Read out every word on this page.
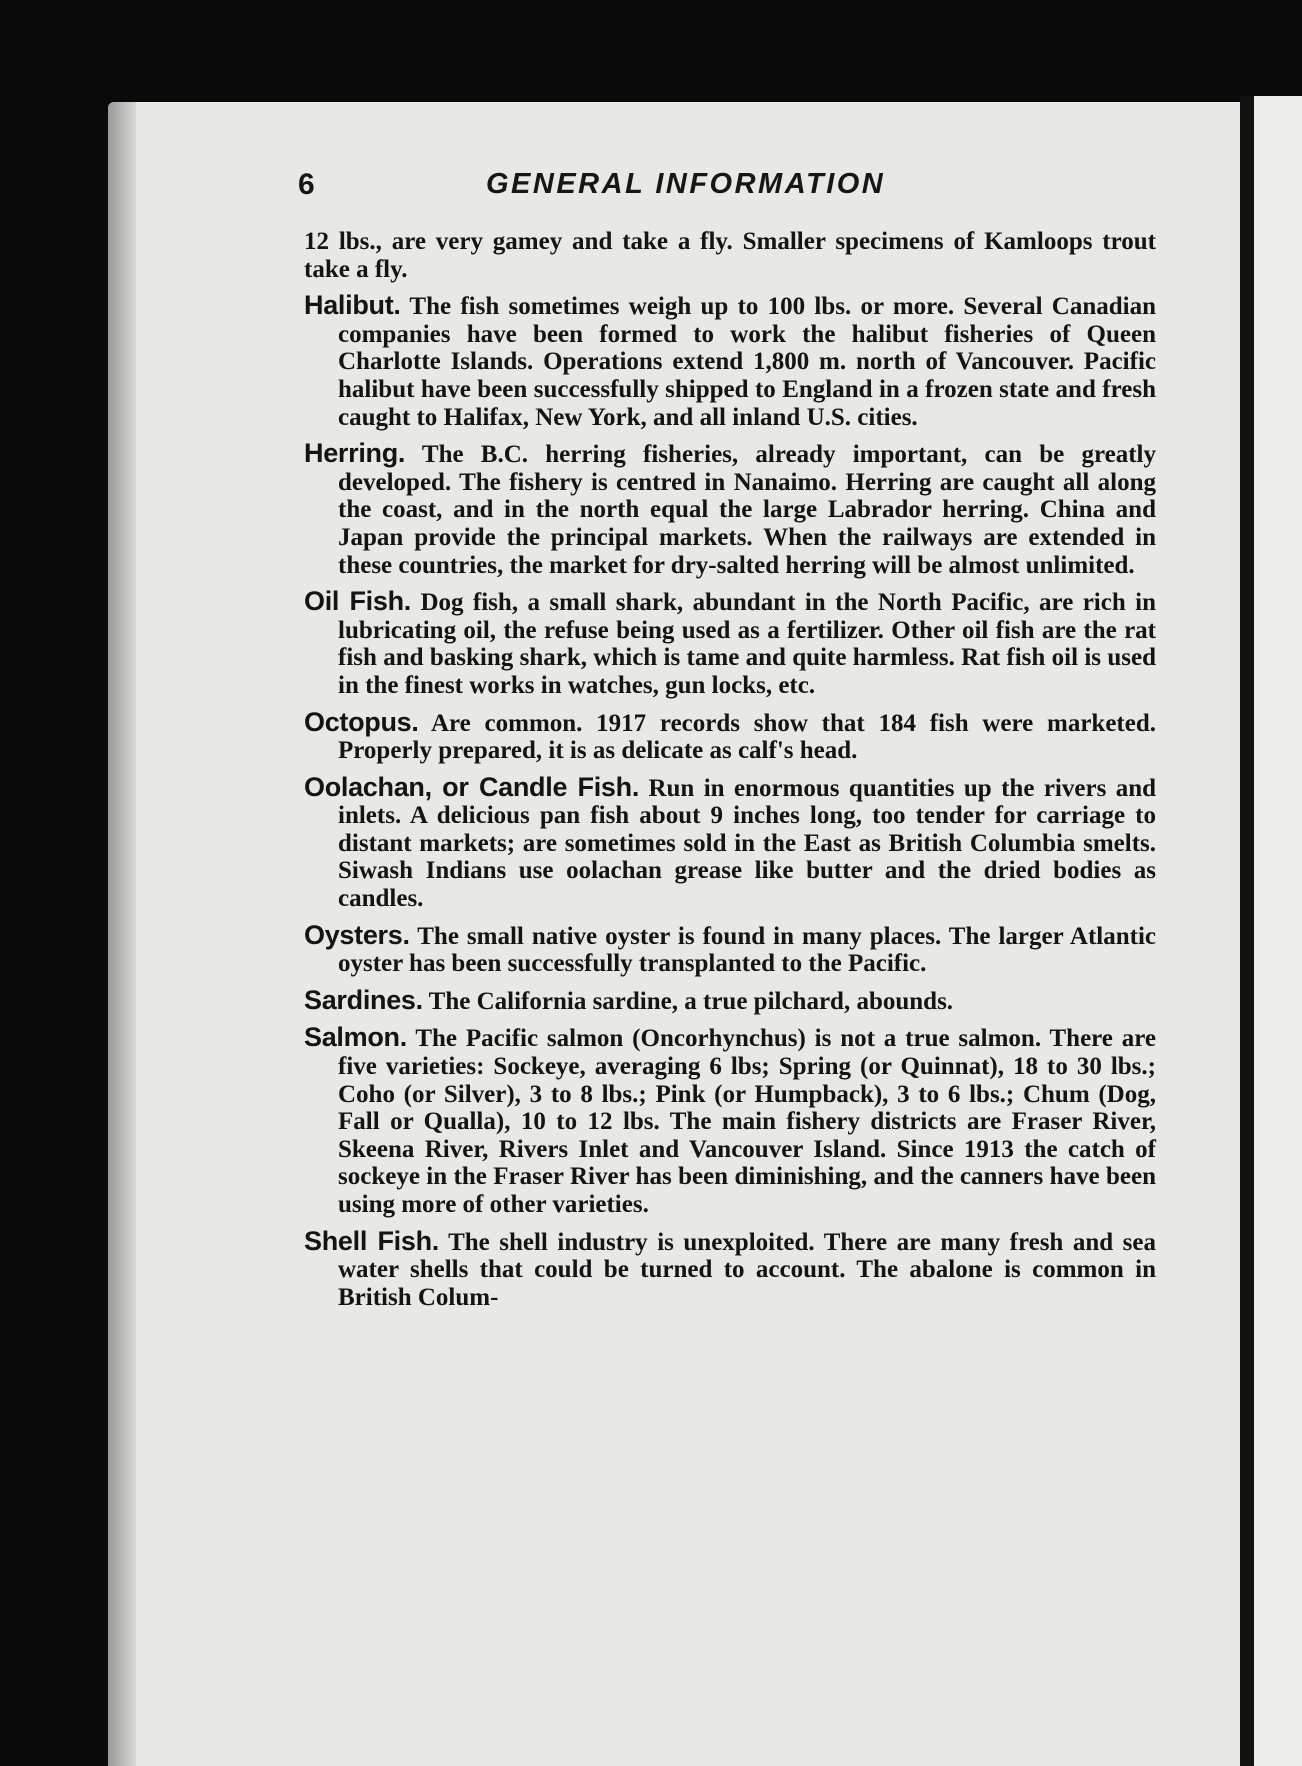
6	GENERAL INFORMATION

12 lbs., are very gamey and take a fly. Smaller specimens of Kamloops trout take a fly.

Halibut. The fish sometimes weigh up to 100 lbs. or more. Several Canadian companies have been formed to work the halibut fisheries of Queen Charlotte Islands. Operations extend 1,800 m. north of Vancouver. Pacific halibut have been successfully shipped to England in a frozen state and fresh caught to Halifax, New York, and all inland U.S. cities.

Herring. The B.C. herring fisheries, already important, can be greatly developed. The fishery is centred in Nanaimo. Herring are caught all along the coast, and in the north equal the large Labrador herring. China and Japan provide the principal markets. When the railways are extended in these countries, the market for dry-salted herring will be almost unlimited.

Oil Fish. Dog fish, a small shark, abundant in the North Pacific, are rich in lubricating oil, the refuse being used as a fertilizer. Other oil fish are the rat fish and basking shark, which is tame and quite harmless. Rat fish oil is used in the finest works in watches, gun locks, etc.

Octopus. Are common. 1917 records show that 184 fish were marketed. Properly prepared, it is as delicate as calf's head.

Oolachan, or Candle Fish. Run in enormous quantities up the rivers and inlets. A delicious pan fish about 9 inches long, too tender for carriage to distant markets; are sometimes sold in the East as British Columbia smelts. Siwash Indians use oolachan grease like butter and the dried bodies as candles.

Oysters. The small native oyster is found in many places. The larger Atlantic oyster has been successfully transplanted to the Pacific.

Sardines. The California sardine, a true pilchard, abounds.

Salmon. The Pacific salmon (Oncorhynchus) is not a true salmon. There are five varieties: Sockeye, averaging 6 lbs; Spring (or Quinnat), 18 to 30 lbs.; Coho (or Silver), 3 to 8 lbs.; Pink (or Humpback), 3 to 6 lbs.; Chum (Dog, Fall or Qualla), 10 to 12 lbs. The main fishery districts are Fraser River, Skeena River, Rivers Inlet and Vancouver Island. Since 1913 the catch of sockeye in the Fraser River has been diminishing, and the canners have been using more of other varieties.

Shell Fish. The shell industry is unexploited. There are many fresh and sea water shells that could be turned to account. The abalone is common in British Colum-
